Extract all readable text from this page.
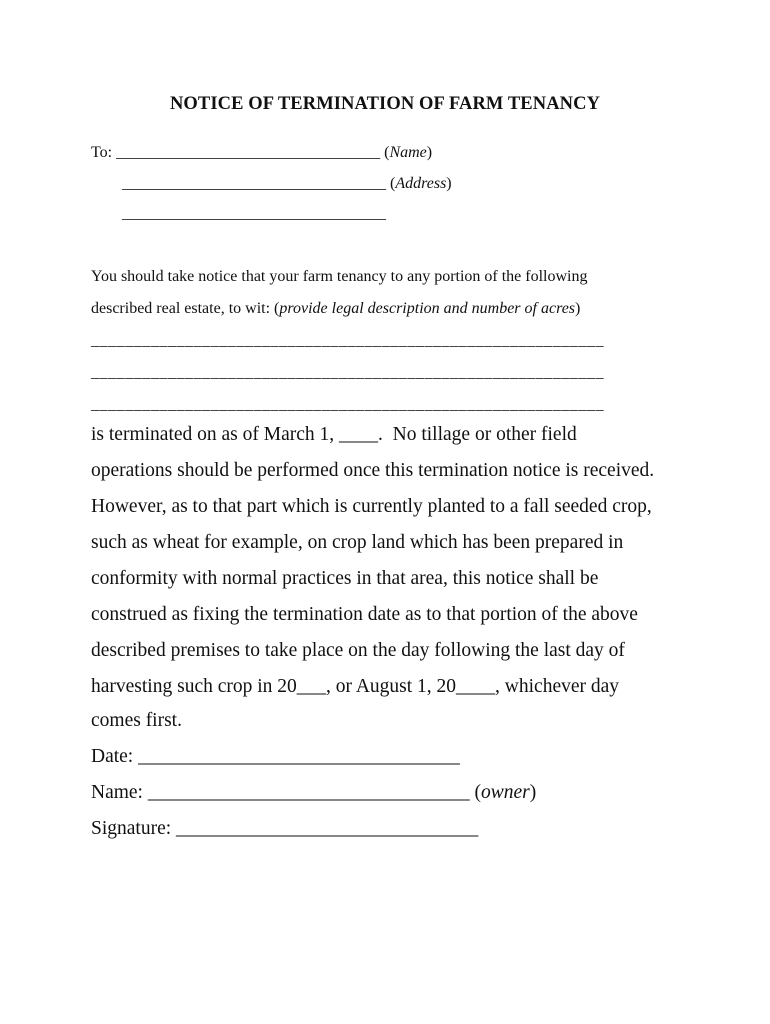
NOTICE OF TERMINATION OF FARM TENANCY
To: _________________________________ (Name)
_________________________________ (Address)
_________________________________
You should take notice that your farm tenancy to any portion of the following
described real estate, to wit: (provide legal description and number of acres)
____________________________________________________________
____________________________________________________________
____________________________________________________________
is terminated on as of March 1, ____.  No tillage or other field
operations should be performed once this termination notice is received.
However, as to that part which is currently planted to a fall seeded crop,
such as wheat for example, on crop land which has been prepared in
conformity with normal practices in that area, this notice shall be
construed as fixing the termination date as to that portion of the above
described premises to take place on the day following the last day of
harvesting such crop in 20___, or August 1, 20____, whichever day
comes first.
Date: _________________________________
Name: _________________________________ (owner)
Signature: _______________________________
